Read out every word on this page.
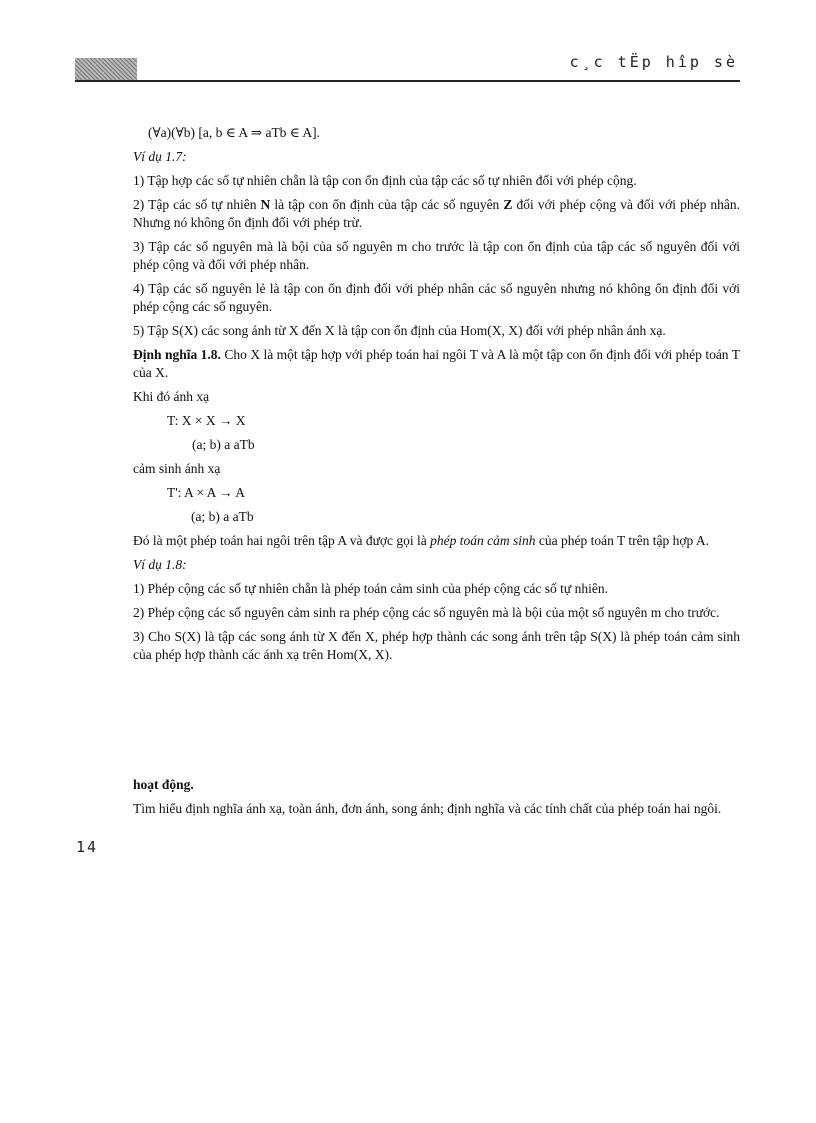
c¸c tËp hîp sè

(∀a)(∀b) [a, b ∈ A ⇒ aTb ∈ A].

Ví dụ 1.7:

1) Tập hợp các số tự nhiên chẵn là tập con ổn định của tập các số tự nhiên đối với phép cộng.

2) Tập các số tự nhiên N là tập con ổn định của tập các số nguyên Z đối với phép cộng và đối với phép nhân. Nhưng nó không ổn định đối với phép trừ.

3) Tập các số nguyên mà là bội của số nguyên m cho trước là tập con ổn định của tập các số nguyên đối với phép cộng và đối với phép nhân.

4) Tập các số nguyên lẻ là tập con ổn định đối với phép nhân các số nguyên nhưng nó không ổn định đối với phép cộng các số nguyên.

5) Tập S(X) các song ánh từ X đến X là tập con ổn định của Hom(X, X) đối với phép nhân ánh xạ.

Định nghĩa 1.8. Cho X là một tập hợp với phép toán hai ngôi T và A là một tập con ổn định đối với phép toán T của X.

Khi đó ánh xạ

T: X × X → X

(a; b) a aTb

cảm sinh ánh xạ

T': A × A → A

(a; b) a aTb

Đó là một phép toán hai ngôi trên tập A và được gọi là phép toán cảm sinh của phép toán T trên tập hợp A.

Ví dụ 1.8:

1) Phép cộng các số tự nhiên chẵn là phép toán cảm sinh của phép cộng các số tự nhiên.

2) Phép cộng các số nguyên cảm sinh ra phép cộng các số nguyên mà là bội của một số nguyên m cho trước.

3) Cho S(X) là tập các song ánh từ X đến X, phép hợp thành các song ánh trên tập S(X) là phép toán cảm sinh của phép hợp thành các ánh xạ trên Hom(X, X).

hoạt động.

Tìm hiểu định nghĩa ánh xạ, toàn ánh, đơn ánh, song ánh; định nghĩa và các tính chất của phép toán hai ngôi.

14
